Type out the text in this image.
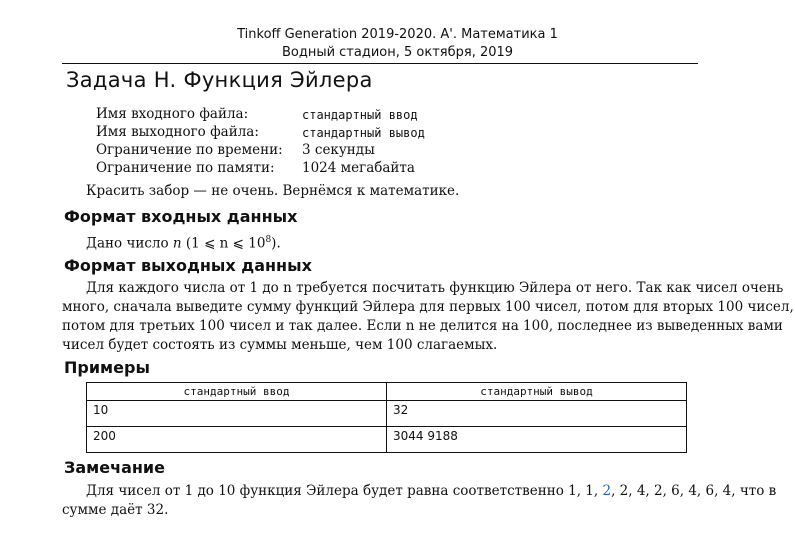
Tinkoff Generation 2019-2020. A'. Математика 1
Водный стадион, 5 октября, 2019
Задача H. Функция Эйлера
Имя входного файла:	стандартный ввод
Имя выходного файла:	стандартный вывод
Ограничение по времени: 3 секунды
Ограничение по памяти: 1024 мегабайта
Красить забор — не очень. Вернёмся к математике.
Формат входных данных
Дано число n (1 ⩽ n ⩽ $10^8$).
Формат выходных данных
Для каждого числа от 1 до n требуется посчитать функцию Эйлера от него. Так как чисел очень
много, сначала выведите сумму функций Эйлера для первых 100 чисел, потом для вторых 100 чисел,
потом для третьих 100 чисел и так далее. Если n не делится на 100, последнее из выведенных вами
чисел будет состоять из суммы меньше, чем 100 слагаемых.
Примеры
стандартный ввод	стандартный вывод
10	32
200	3044 9188
Замечание
Для чисел от 1 до 10 функция Эйлера будет равна соответственно 1, 1, 2, 2, 4, 2, 6, 4, 6, 4, что в
сумме даёт 32.
